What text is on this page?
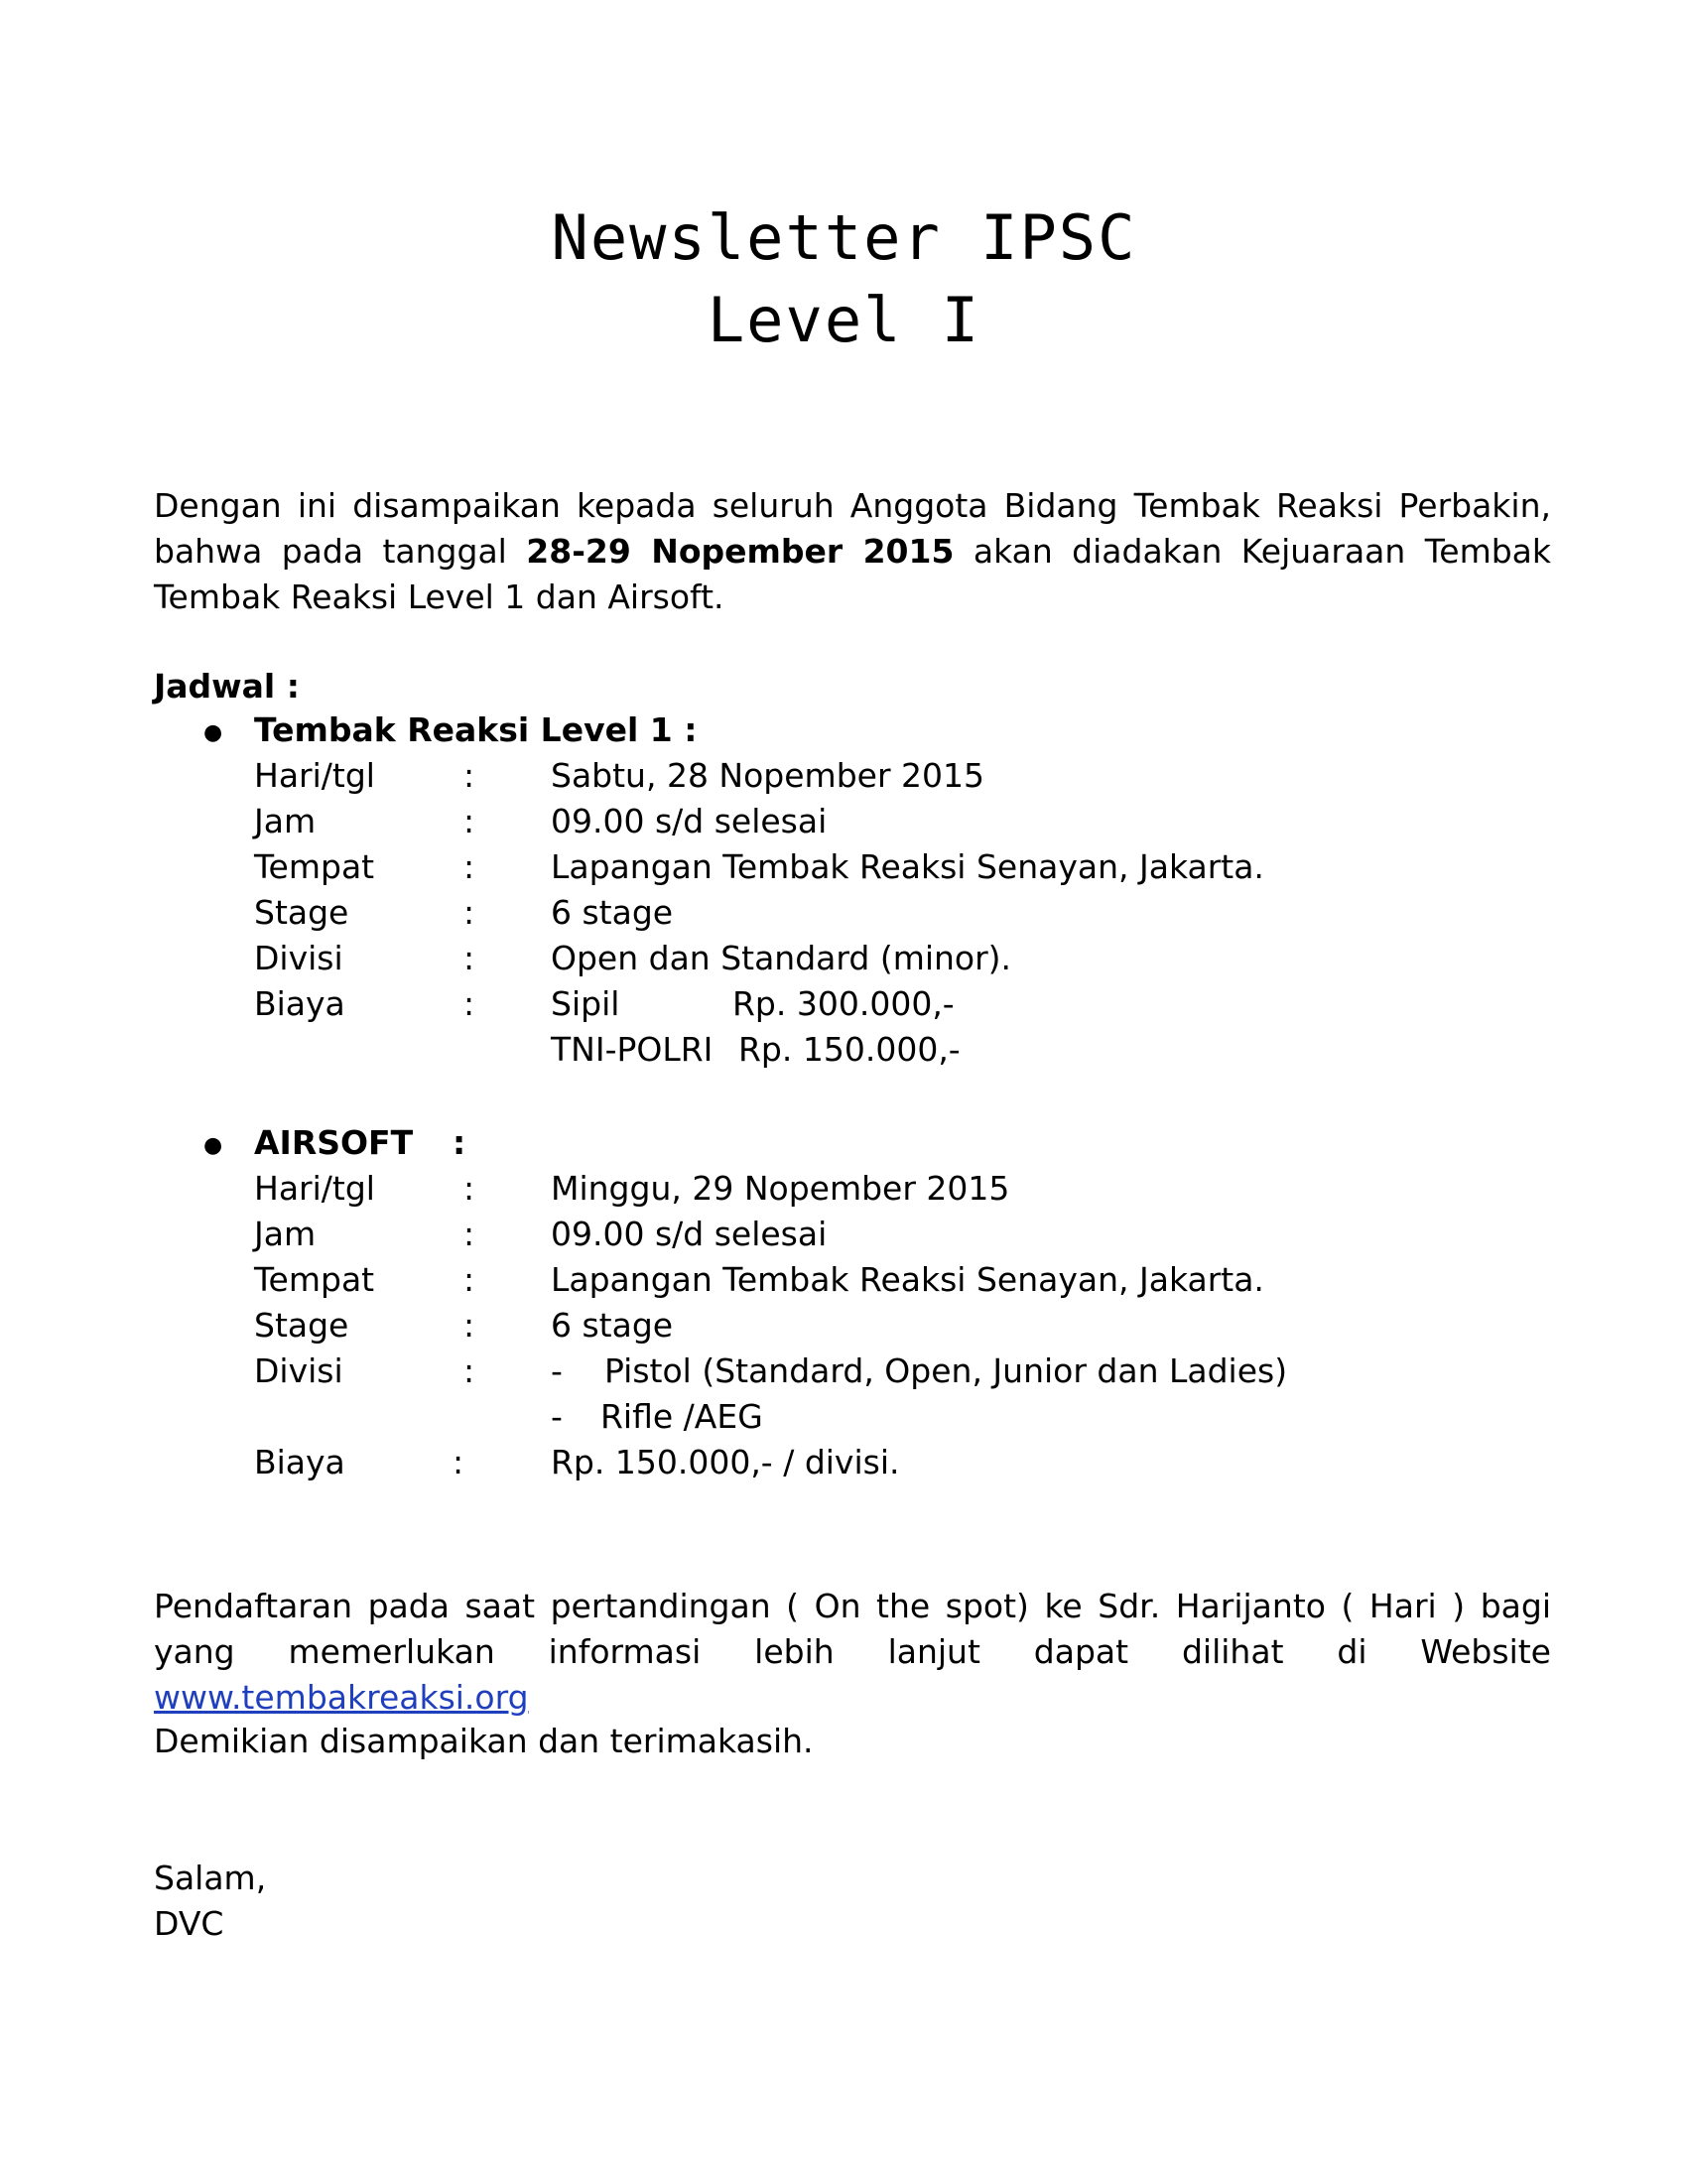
Newsletter IPSC
Level I
Dengan ini disampaikan kepada seluruh Anggota Bidang Tembak Reaksi Perbakin, bahwa pada tanggal 28-29 Nopember 2015 akan diadakan Kejuaraan Tembak Tembak Reaksi Level 1 dan Airsoft.
Jadwal :
● Tembak Reaksi Level 1 :
Hari/tgl	: Sabtu, 28 Nopember 2015
Jam	: 09.00 s/d selesai
Tempat	: Lapangan Tembak Reaksi Senayan, Jakarta.
Stage	: 6 stage
Divisi	: Open dan Standard (minor).
Biaya	: Sipil	Rp. 300.000,-
TNI-POLRI Rp. 150.000,-
● AIRSOFT :
Hari/tgl	: Minggu, 29 Nopember 2015
Jam	: 09.00 s/d selesai
Tempat	: Lapangan Tembak Reaksi Senayan, Jakarta.
Stage	: 6 stage
Divisi	: - Pistol (Standard, Open, Junior dan Ladies)
- Rifle /AEG
Biaya	:	Rp. 150.000,- / divisi.
Pendaftaran pada saat pertandingan ( On the spot) ke Sdr. Harijanto ( Hari ) bagi yang memerlukan informasi lebih lanjut dapat dilihat di Website www.tembakreaksi.org
Demikian disampaikan dan terimakasih.
Salam,
DVC
